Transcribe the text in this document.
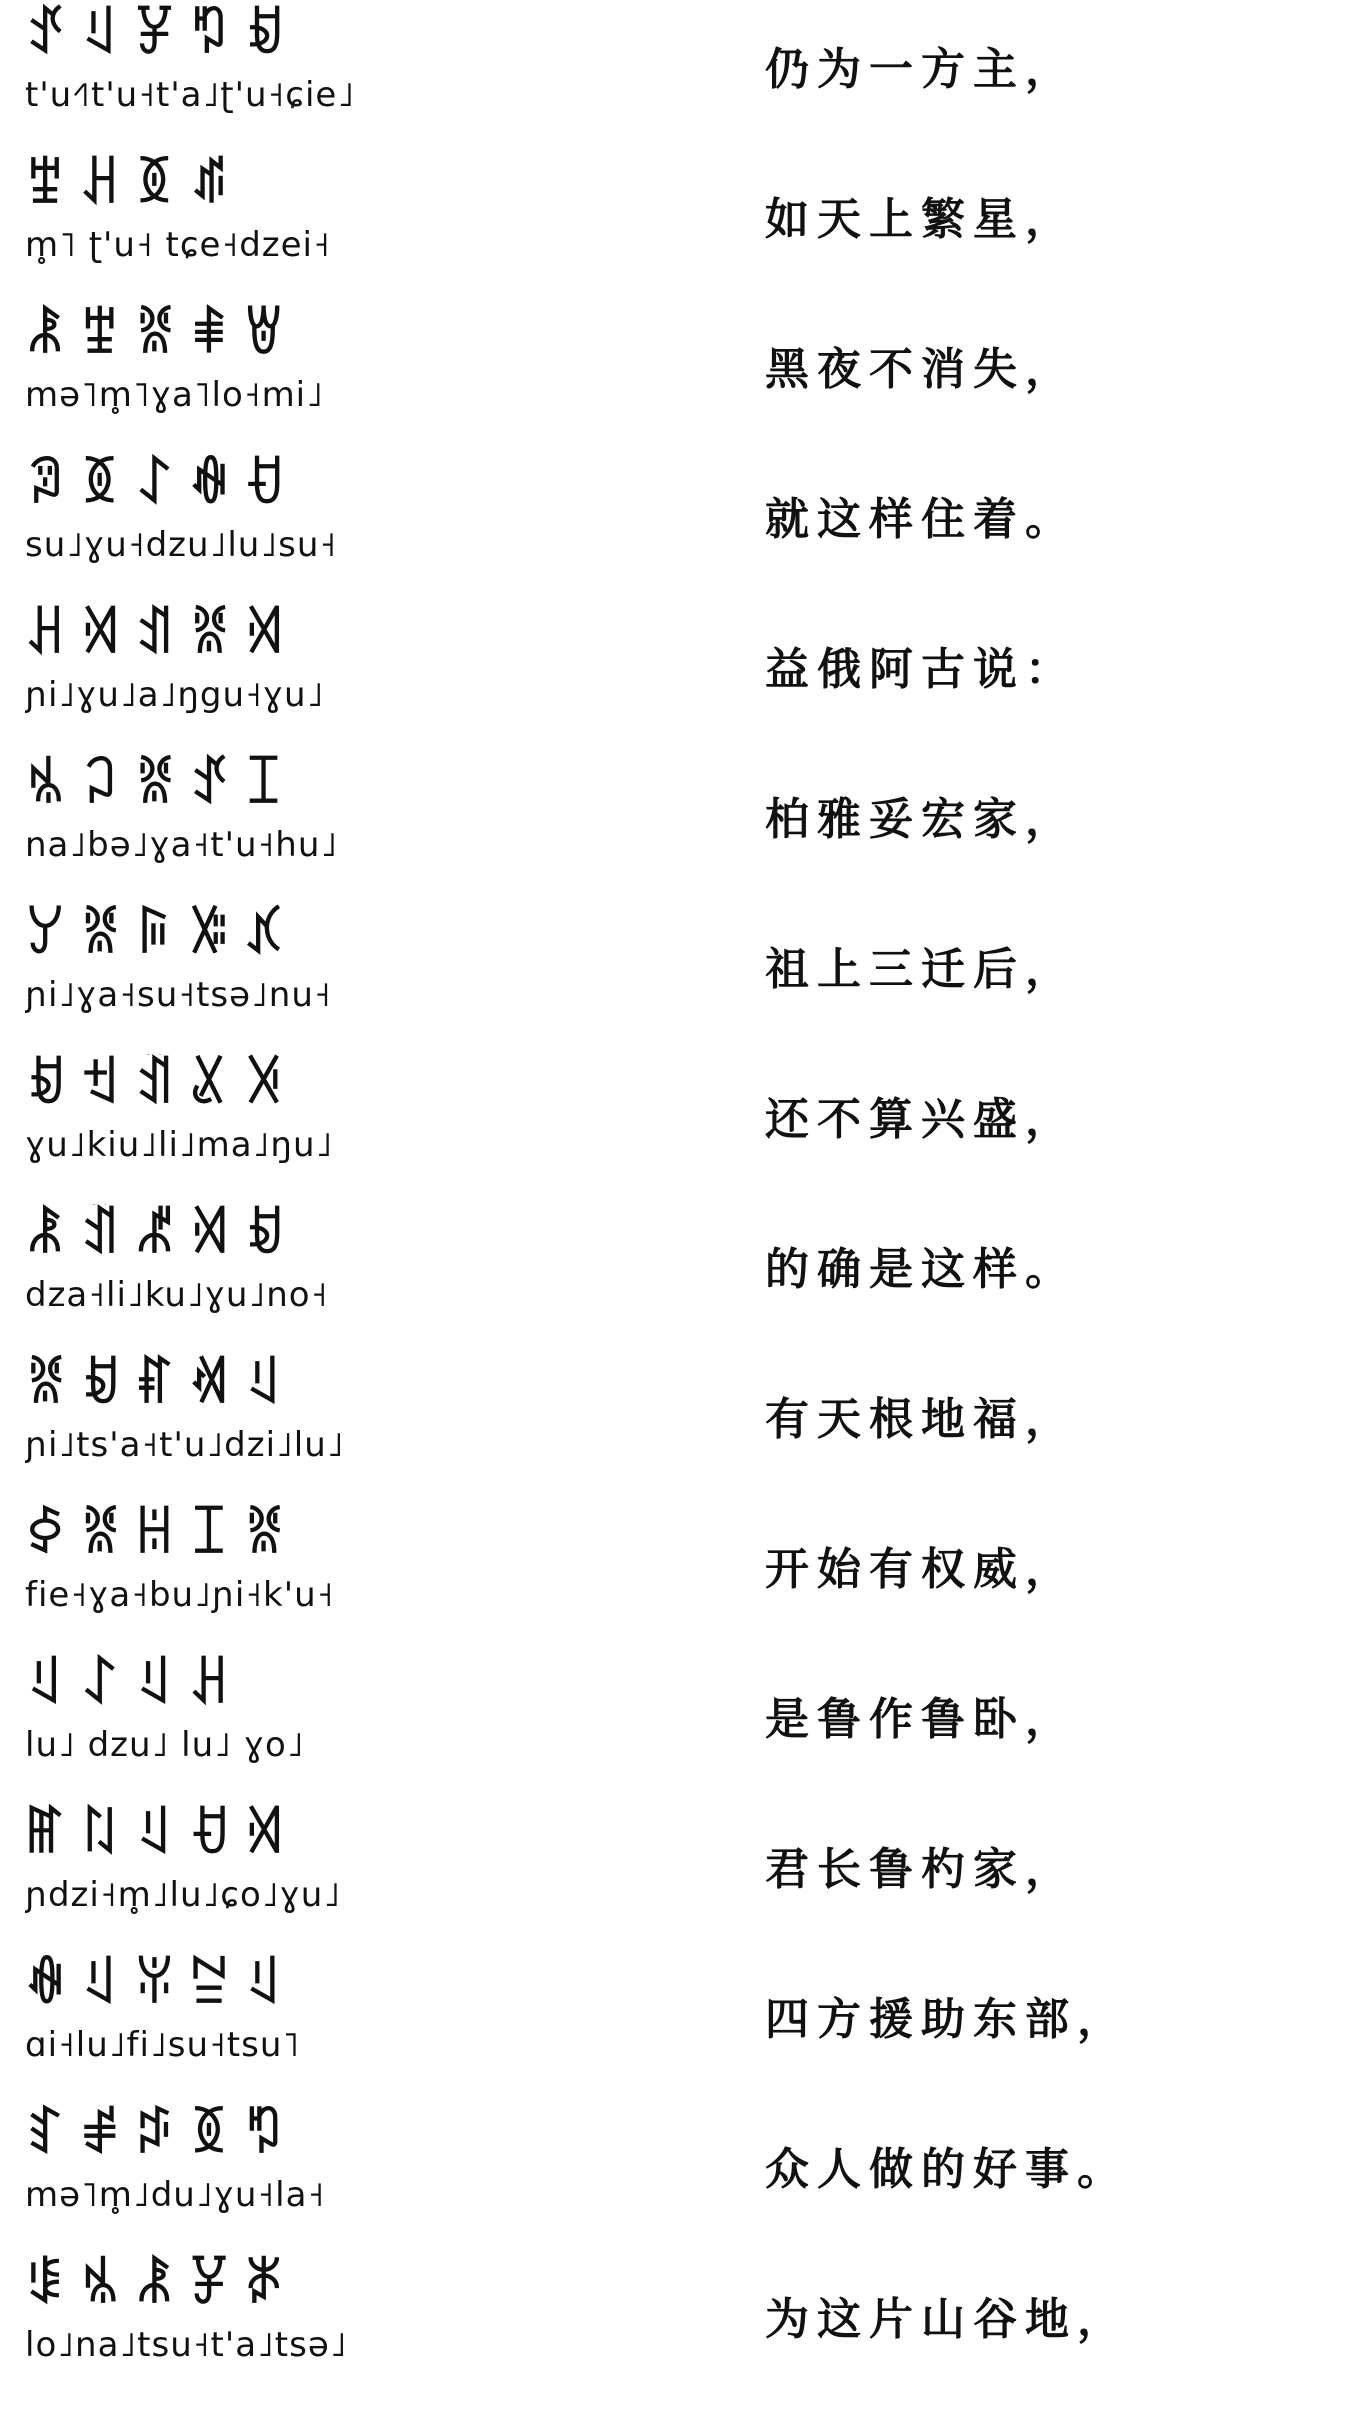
ꀋꆹꐯꑳꀁ
t'u˧˥t'u˧t'a˩ʈ'u˧ɕie˩	仍为一方主，
ꄻꃅꅉꁮ
m̥˥ ʈ'u˧ tɕe˧dzei˧	如天上繁星，
ꂿꄻꐡꑌꇐ
mə˥m̥˥ɣa˥lo˧mi˩	黑夜不消失，
ꎃꅉꋍꊿꀀ
su˩ɣu˧dzu˩lu˩su˧	就这样住着。
ꃅꄉꀊꐡꄉ
ɲi˩ɣu˩a˩ŋgu˧ɣu˩	益俄阿古说：
ꁱꃀꐡꀋꀤ
na˩bə˩ɣa˧t'u˧hu˩	柏雅妥宏家，
ꌦꐡꌕꋚꃤ
ɲi˩ɣa˧su˧tsə˩nu˧	祖上三迁后，
ꀁꉬꀉꊪꋌ
ɣu˩kiu˩li˩ma˩ŋu˩	还不算兴盛，
ꂿꀉꉱꄉꀁ
dza˧li˩ku˩ɣu˩no˧	的确是这样。
ꐡꀁꐥꄊꆹ
ɲi˩ts'a˧t'u˩dzi˩lu˩	有天根地福，
ꀆꐡꀌꀤꐡ
fie˧ɣa˧bu˩ɲi˧k'u˧	开始有权威，
ꆹꋍꆹꃅ
lu˩ dzu˩ lu˩ ɣo˩	是鲁作鲁卧，
ꂵꇁꆹꀀꄉ
ɲdzi˧m̥˩lu˩ɕo˩ɣu˩	君长鲁杓家，
ꊿꆹꐟꊂꆹ
ɑi˧lu˩fi˩su˧tsu˥	四方援助东部，
ꆏꂱꁯꅉꑳ
mə˥m̥˩du˩ɣu˧la˧	众人做的好事。
ꌐꁱꂾꐯꑊ
lo˩na˩tsu˧t'a˩tsə˩	为这片山谷地，
